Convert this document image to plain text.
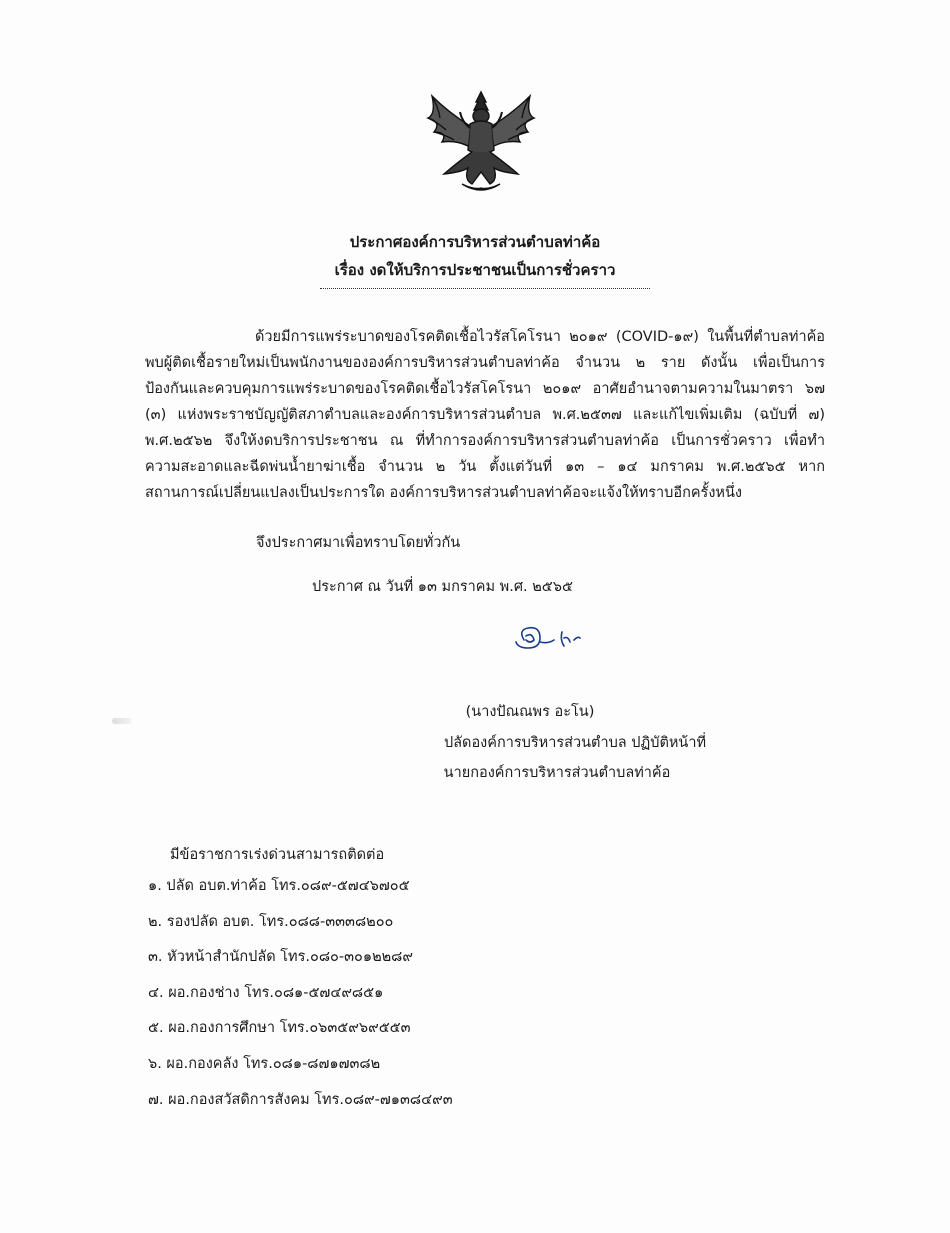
ประกาศองค์การบริหารส่วนตำบลท่าค้อ
เรื่อง งดให้บริการประชาชนเป็นการชั่วคราว
ด้วยมีการแพร่ระบาดของโรคติดเชื้อไวรัสโคโรนา ๒๐๑๙ (COVID-๑๙) ในพื้นที่ตำบลท่าค้อ
พบผู้ติดเชื้อรายใหม่เป็นพนักงานขององค์การบริหารส่วนตำบลท่าค้อ จำนวน ๒ ราย ดังนั้น เพื่อเป็นการ
ป้องกันและควบคุมการแพร่ระบาดของโรคติดเชื้อไวรัสโคโรนา ๒๐๑๙ อาศัยอำนาจตามความในมาตรา ๖๗
(๓) แห่งพระราชบัญญัติสภาตำบลและองค์การบริหารส่วนตำบล พ.ศ.๒๕๓๗ และแก้ไขเพิ่มเติม (ฉบับที่ ๗)
พ.ศ.๒๕๖๒ จึงให้งดบริการประชาชน ณ ที่ทำการองค์การบริหารส่วนตำบลท่าค้อ เป็นการชั่วคราว เพื่อทำ
ความสะอาดและฉีดพ่นน้ำยาฆ่าเชื้อ จำนวน ๒ วัน ตั้งแต่วันที่ ๑๓ – ๑๔ มกราคม พ.ศ.๒๕๖๕ หาก
สถานการณ์เปลี่ยนแปลงเป็นประการใด องค์การบริหารส่วนตำบลท่าค้อจะแจ้งให้ทราบอีกครั้งหนึ่ง
จึงประกาศมาเพื่อทราบโดยทั่วกัน
ประกาศ ณ วันที่ ๑๓ มกราคม พ.ศ. ๒๕๖๕
(นางปัณณพร อะโน)
ปลัดองค์การบริหารส่วนตำบล ปฏิบัติหน้าที่
นายกองค์การบริหารส่วนตำบลท่าค้อ
มีข้อราชการเร่งด่วนสามารถติดต่อ
๑. ปลัด อบต.ท่าค้อ โทร.๐๘๙-๕๗๔๖๗๐๕
๒. รองปลัด อบต. โทร.๐๘๘-๓๓๓๘๒๐๐
๓. หัวหน้าสำนักปลัด โทร.๐๘๐-๓๐๑๒๒๘๙
๔. ผอ.กองช่าง โทร.๐๘๑-๕๗๔๙๘๕๑
๕. ผอ.กองการศึกษา โทร.๐๖๓๕๙๖๙๕๕๓
๖. ผอ.กองคลัง โทร.๐๘๑-๘๗๑๗๓๘๒
๗. ผอ.กองสวัสดิการสังคม โทร.๐๘๙-๗๑๓๘๔๙๓
